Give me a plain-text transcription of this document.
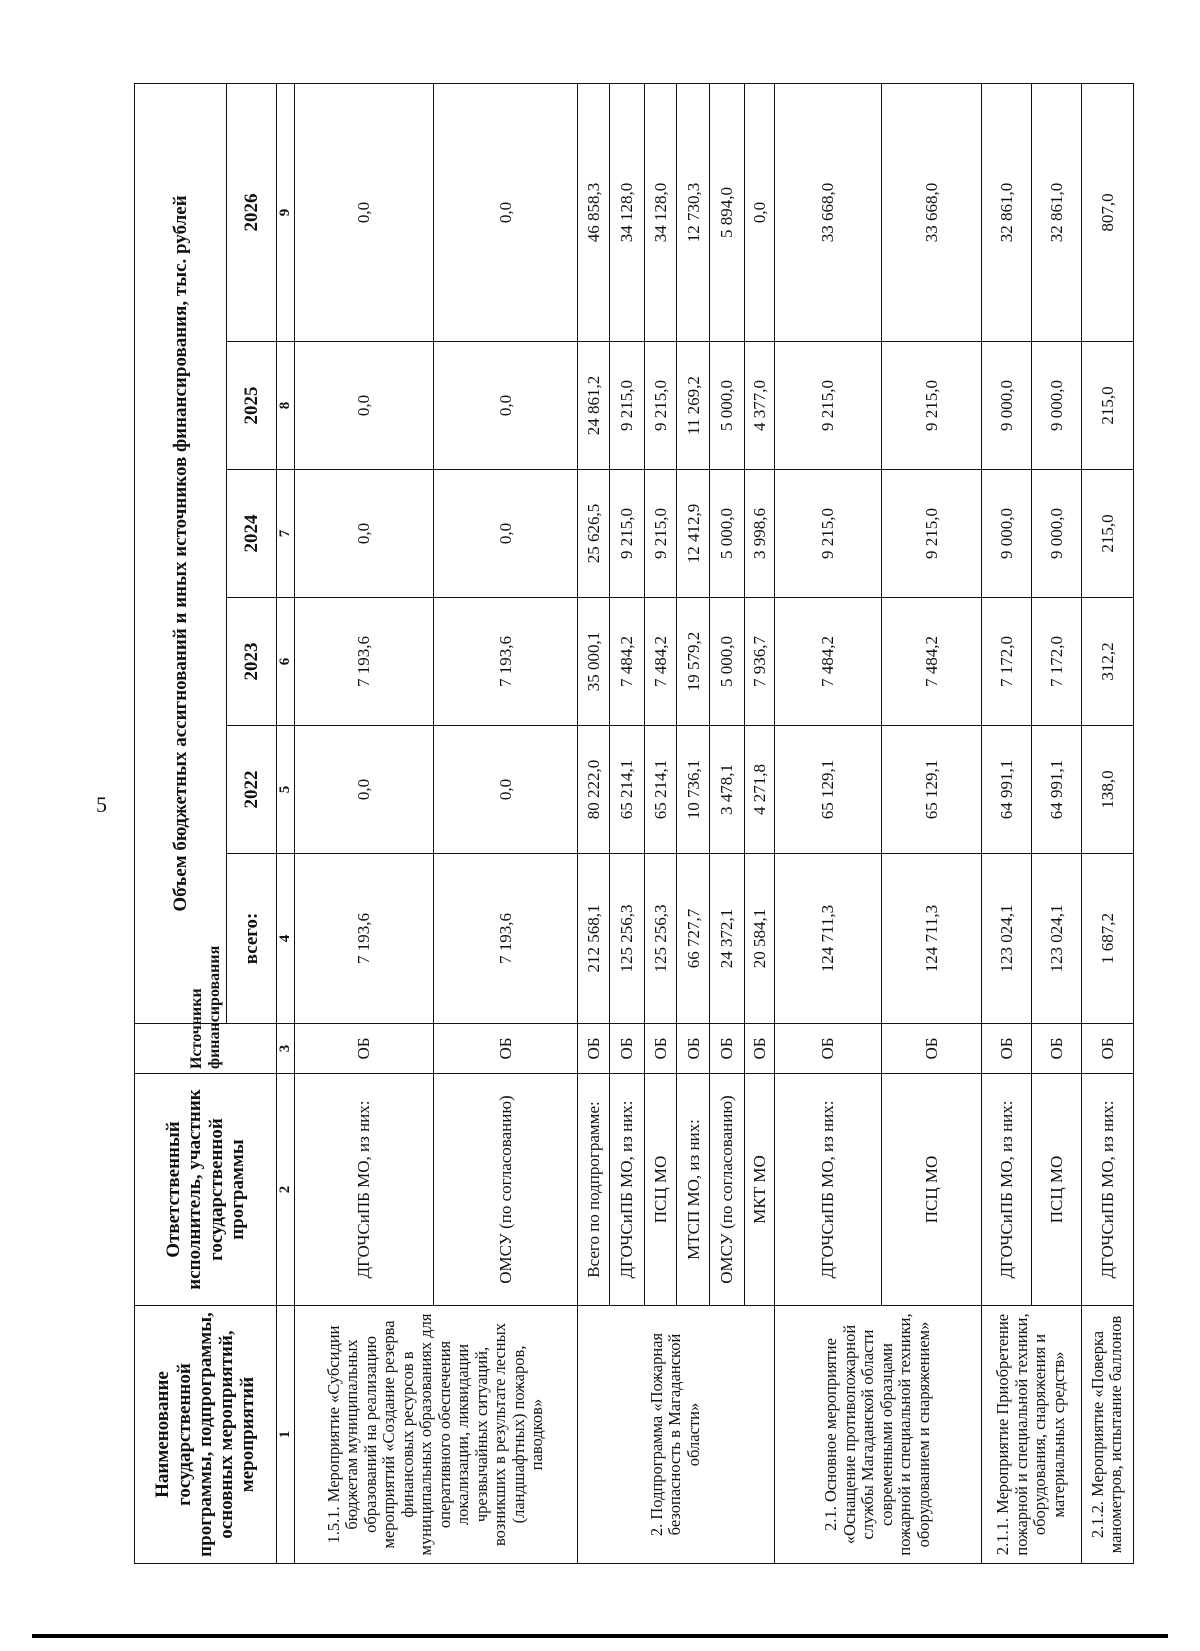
5
Наименование государственной программы, подпрограммы, основных мероприятий, мероприятий	Ответственный исполнитель, участник государственной программы	Источники финансирования	Объем бюджетных ассигнований и иных источников финансирования, тыс. рублей					
			всего:	2022	2023	2024	2025	2026
1	2	3	4	5	6	7	8	9
1.5.1. Мероприятие «Субсидии бюджетам муниципальных образований на реализацию мероприятий «Создание резерва финансовых ресурсов в муниципальных образованиях для оперативного обеспечения локализации, ликвидации чрезвычайных ситуаций, возникших в результате лесных (ландшафтных) пожаров, паводков»	ДГОЧСиПБ МО, из них:	ОБ	7 193,6	0,0	7 193,6	0,0	0,0	0,0
	ОМСУ (по согласованию)	ОБ	7 193,6	0,0	7 193,6	0,0	0,0	0,0
2. Подпрограмма «Пожарная безопасность в Магаданской области»	Всего по подпрограмме:	ОБ	212 568,1	80 222,0	35 000,1	25 626,5	24 861,2	46 858,3
	ДГОЧСиПБ МО, из них:	ОБ	125 256,3	65 214,1	7 484,2	9 215,0	9 215,0	34 128,0
	ПСЦ МО	ОБ	125 256,3	65 214,1	7 484,2	9 215,0	9 215,0	34 128,0
	МТСП МО, из них:	ОБ	66 727,7	10 736,1	19 579,2	12 412,9	11 269,2	12 730,3
	ОМСУ (по согласованию)	ОБ	24 372,1	3 478,1	5 000,0	5 000,0	5 000,0	5 894,0
	МКТ МО	ОБ	20 584,1	4 271,8	7 936,7	3 998,6	4 377,0	0,0
2.1. Основное мероприятие «Оснащение противопожарной службы Магаданской области современными образцами пожарной и специальной техники, оборудованием и снаряжением»	ДГОЧСиПБ МО, из них:	ОБ	124 711,3	65 129,1	7 484,2	9 215,0	9 215,0	33 668,0
	ПСЦ МО	ОБ	124 711,3	65 129,1	7 484,2	9 215,0	9 215,0	33 668,0
2.1.1. Мероприятие Приобретение пожарной и специальной техники, оборудования, снаряжения и материальных средств»	ДГОЧСиПБ МО, из них:	ОБ	123 024,1	64 991,1	7 172,0	9 000,0	9 000,0	32 861,0
	ПСЦ МО	ОБ	123 024,1	64 991,1	7 172,0	9 000,0	9 000,0	32 861,0
2.1.2. Мероприятие «Поверка манометров, испытание баллонов	ДГОЧСиПБ МО, из них:	ОБ	1 687,2	138,0	312,2	215,0	215,0	807,0
